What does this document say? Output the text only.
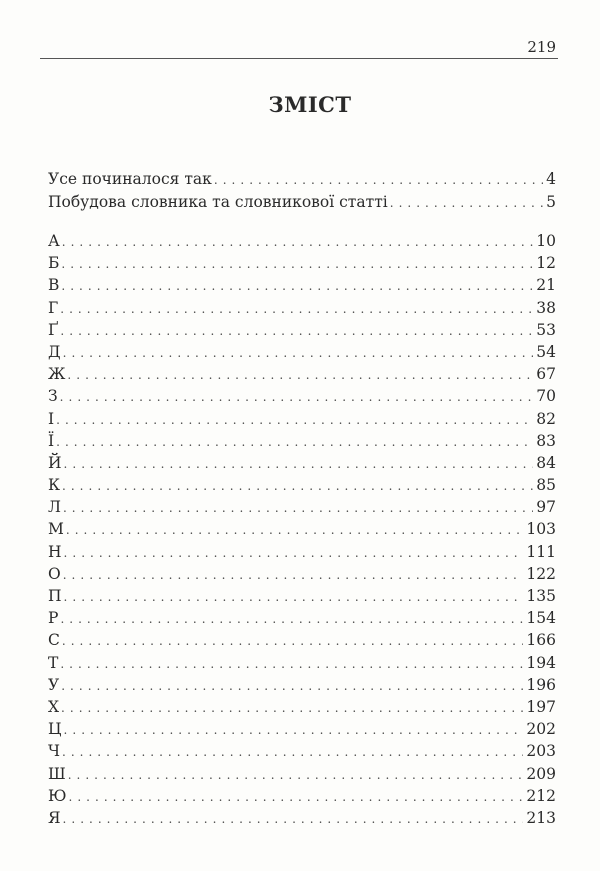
219
ЗМІСТ
Усе починалося так . . .	4
Побудова словника та словникової статті . . .	5
А . . .	10
Б . . .	12
В . . .	21
Г . . .	38
Ґ . . .	53
Д . . .	54
Ж . . .	67
З . . .	70
І . . .	82
Ї . . .	83
Й . . .	84
К . . .	85
Л . . .	97
М . . .	103
Н . . .	111
О . . .	122
П . . .	135
Р . . .	154
С . . .	166
Т . . .	194
У . . .	196
Х . . .	197
Ц . . .	202
Ч . . .	203
Ш . . .	209
Ю . . .	212
Я . . .	213
